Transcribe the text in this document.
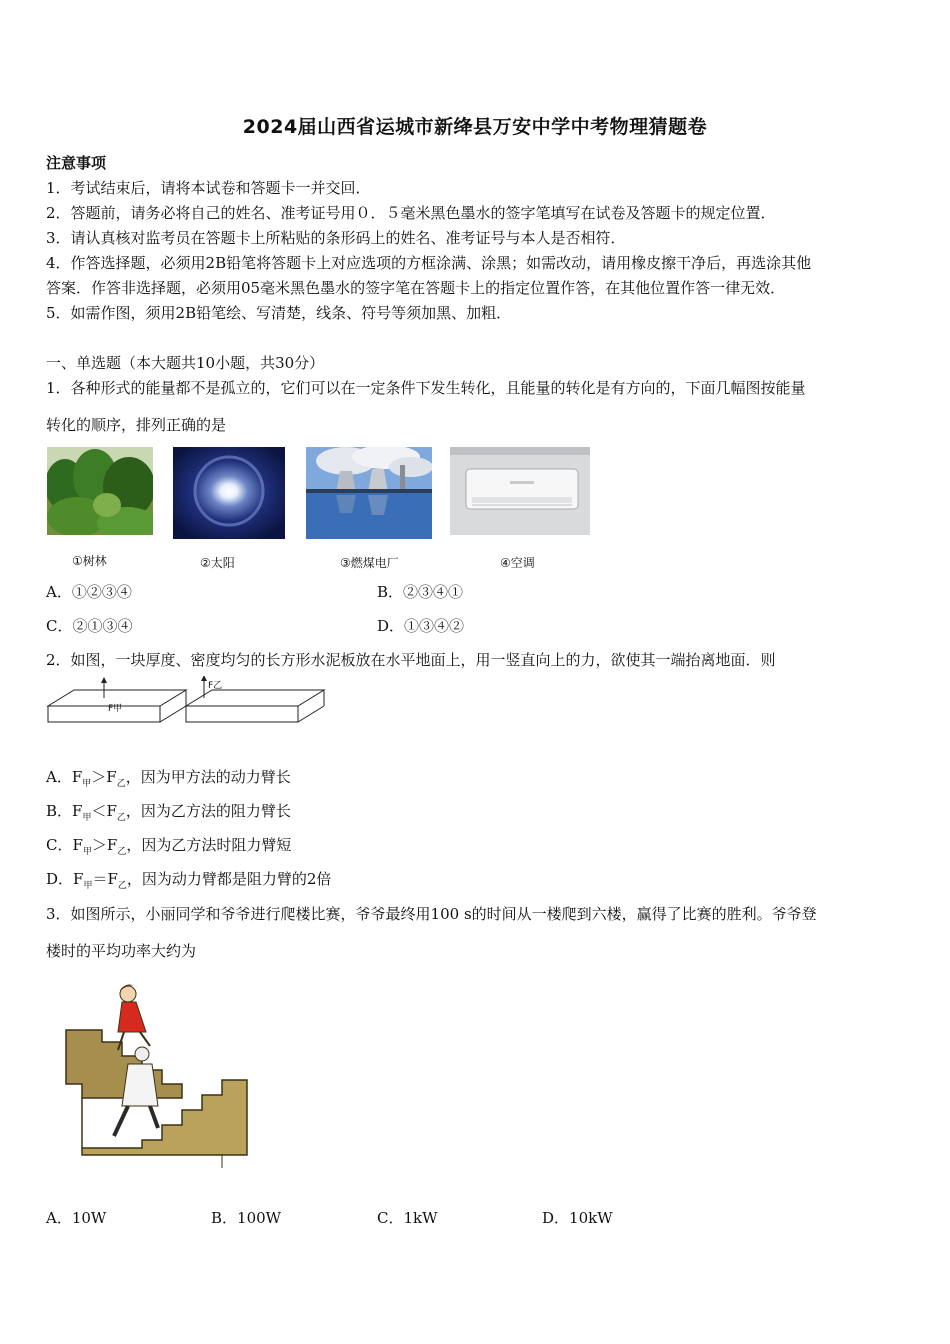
2024届山西省运城市新绛县万安中学中考物理猜题卷
注意事项
1．考试结束后，请将本试卷和答题卡一并交回．
2．答题前，请务必将自己的姓名、准考证号用０．５毫米黑色墨水的签字笔填写在试卷及答题卡的规定位置．
3．请认真核对监考员在答题卡上所粘贴的条形码上的姓名、准考证号与本人是否相符．
4．作答选择题，必须用2B铅笔将答题卡上对应选项的方框涂满、涂黑；如需改动，请用橡皮擦干净后，再选涂其他
答案．作答非选择题，必须用05毫米黑色墨水的签字笔在答题卡上的指定位置作答，在其他位置作答一律无效．
5．如需作图，须用2B铅笔绘、写清楚，线条、符号等须加黑、加粗．
一、单选题（本大题共10小题，共30分）
1．各种形式的能量都不是孤立的，它们可以在一定条件下发生转化，且能量的转化是有方向的，下面几幅图按能量
转化的顺序，排列正确的是
①树林	②太阳	③燃煤电厂	④空调
A．①②③④	B．②③④①
C．②①③④	D．①③④②
2．如图，一块厚度、密度均匀的长方形水泥板放在水平地面上，用一竖直向上的力，欲使其一端抬离地面．则
F甲
F乙
A．$F_甲>F_乙$，因为甲方法的动力臂长
B．$F_甲<F_乙$，因为乙方法的阻力臂长
C．$F_甲>F_乙$，因为乙方法时阻力臂短
D．$F_甲=F_乙$，因为动力臂都是阻力臂的2倍
3．如图所示，小丽同学和爷爷进行爬楼比赛，爷爷最终用100 s的时间从一楼爬到六楼，赢得了比赛的胜利。爷爷登
楼时的平均功率大约为
A．10W	B．100W	C．1kW	D．10kW
